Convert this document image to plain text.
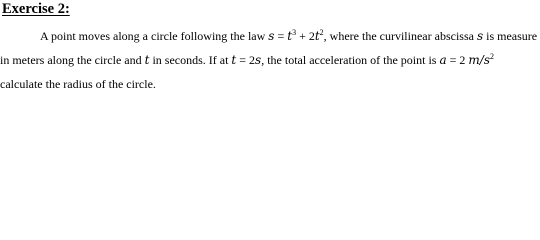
Exercise 2:
A point moves along a circle following the law $s = t^3 + 2t^2$, where the curvilinear abscissa s is measure
in meters along the circle and t in seconds. If at t = 2s, the total acceleration of the point is a = 2 $m/s^2$
calculate the radius of the circle.
